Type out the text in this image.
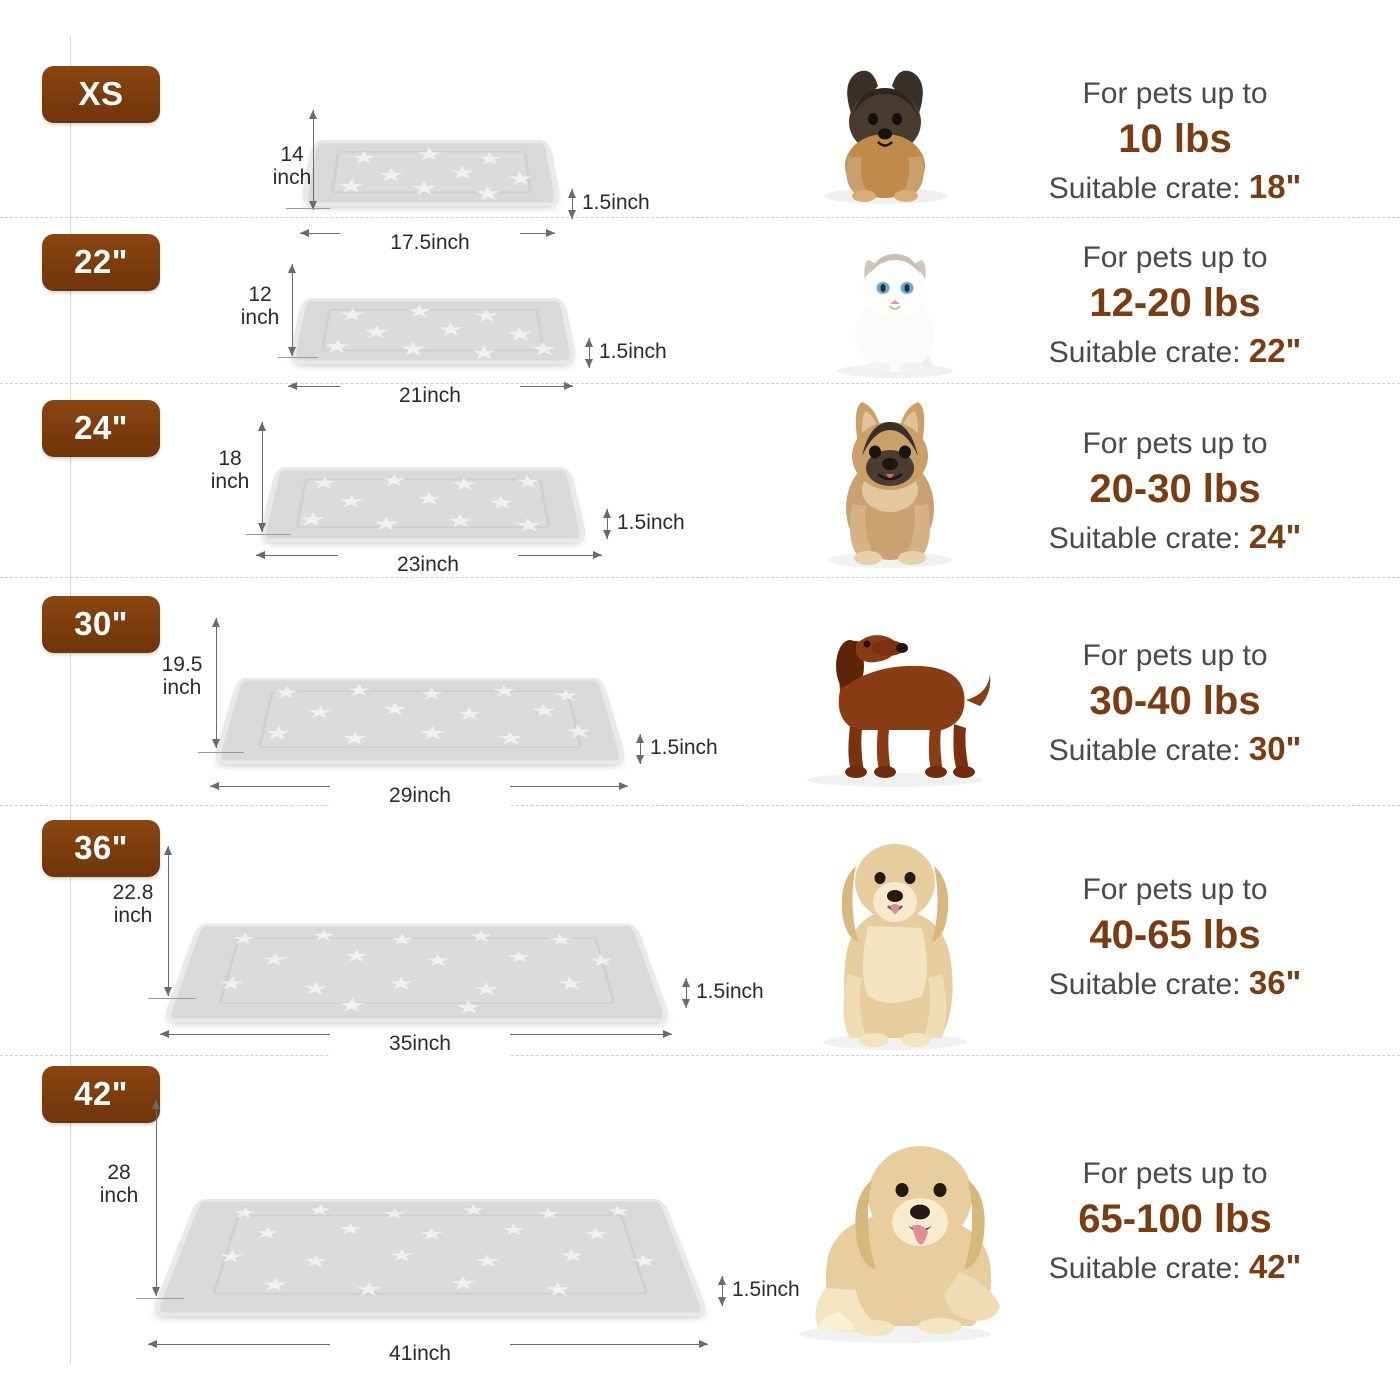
XS
14
inch
17.5inch
1.5inch
For pets up to
10 lbs
Suitable crate: 18"
22"
12
inch
21inch
1.5inch
For pets up to
12-20 lbs
Suitable crate: 22"
24"
18
inch
23inch
1.5inch
For pets up to
20-30 lbs
Suitable crate: 24"
30"
19.5
inch
29inch
1.5inch
For pets up to
30-40 lbs
Suitable crate: 30"
36"
22.8
inch
35inch
1.5inch
For pets up to
40-65 lbs
Suitable crate: 36"
42"
28
inch
41inch
1.5inch
For pets up to
65-100 lbs
Suitable crate: 42"
